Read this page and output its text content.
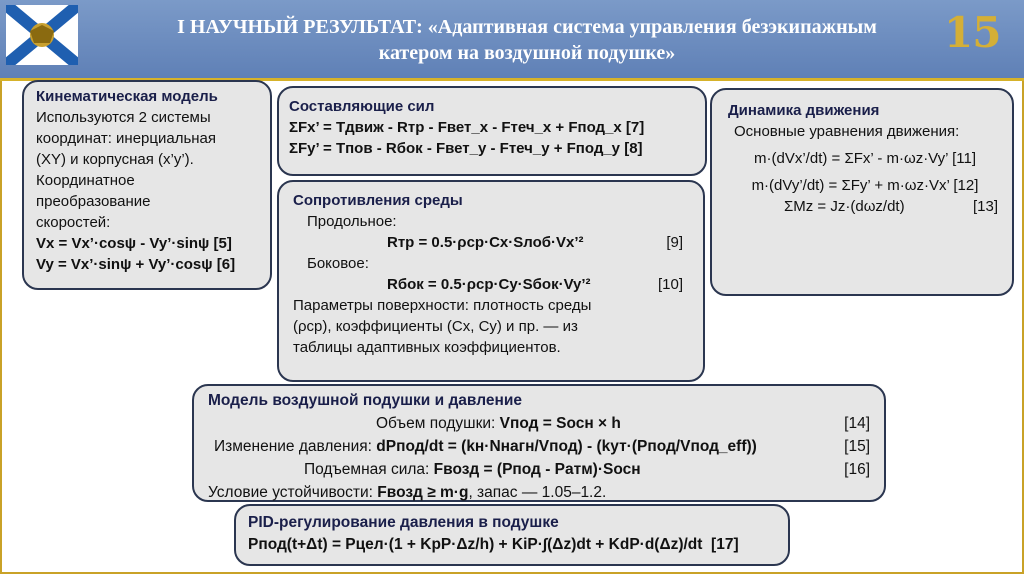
I НАУЧНЫЙ РЕЗУЛЬТАТ: «Адаптивная система управления безэкипажным
катером на воздушной подушке»	15
Кинематическая модель
Используются 2 системы
координат: инерциальная
(XY) и корпусная (x’y’).
Координатное
преобразование
скоростей:
Vx = Vx’·cosψ - Vy’·sinψ [5]
Vy = Vx’·sinψ + Vy’·cosψ [6]
Составляющие сил
ΣFx’ = Tдвиж - Rтр - Fвет_x - Fтеч_x + Fпод_x [7]
ΣFy’ = Tпов - Rбок - Fвет_y - Fтеч_y + Fпод_y [8]
Сопротивления среды
Продольное:
Rтр = 0.5·ρср·Cx·Sлоб·Vx’²	[9]
Боковое:
Rбок = 0.5·ρср·Cy·Sбок·Vy’²	[10]
Параметры поверхности: плотность среды
(ρср), коэффициенты (Cx, Cy) и пр. — из
таблицы адаптивных коэффициентов.
Динамика движения
Основные уравнения движения:
m·(dVx’/dt) = ΣFx’ - m·ωz·Vy’ [11]
m·(dVy’/dt) = ΣFy’ + m·ωz·Vx’ [12]
ΣMz = Jz·(dωz/dt)	[13]
Модель воздушной подушки и давление
Объем подушки: Vпод = Sосн × h	[14]
Изменение давления: dPпод/dt = (kн·Nнагн/Vпод) - (kут·(Pпод/Vпод_eff))	[15]
Подъемная сила: Fвозд = (Pпод - Pатм)·Sосн	[16]
Условие устойчивости: Fвозд ≥ m·g, запас — 1.05–1.2.
PID-регулирование давления в подушке
Pпод(t+Δt) = Pцел·(1 + KpP·Δz/h) + KiP·∫(Δz)dt + KdP·d(Δz)/dt  [17]
